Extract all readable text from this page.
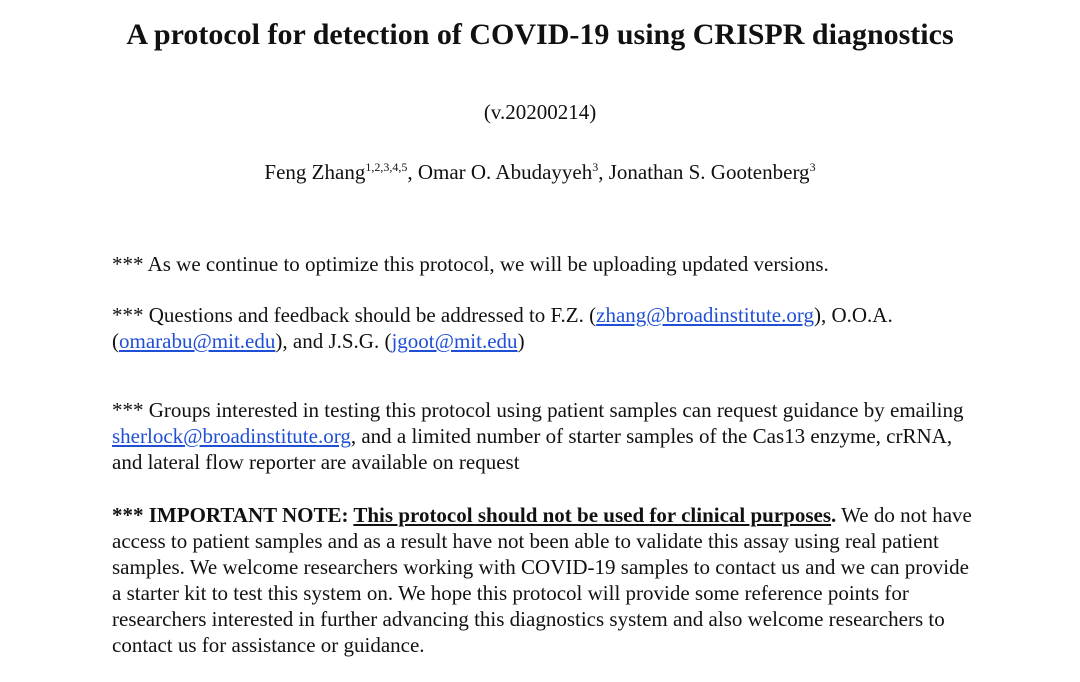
A protocol for detection of COVID-19 using CRISPR diagnostics
(v.20200214)
Feng Zhang$^{1,2,3,4,5}$, Omar O. Abudayyeh$^3$, Jonathan S. Gootenberg$^3$

*** As we continue to optimize this protocol, we will be uploading updated versions.

*** Questions and feedback should be addressed to F.Z. (zhang@broadinstitute.org), O.O.A. (omarabu@mit.edu), and J.S.G. (jgoot@mit.edu)

*** Groups interested in testing this protocol using patient samples can request guidance by emailing sherlock@broadinstitute.org, and a limited number of starter samples of the Cas13 enzyme, crRNA, and lateral flow reporter are available on request

*** IMPORTANT NOTE: This protocol should not be used for clinical purposes. We do not have access to patient samples and as a result have not been able to validate this assay using real patient samples. We welcome researchers working with COVID-19 samples to contact us and we can provide a starter kit to test this system on. We hope this protocol will provide some reference points for researchers interested in further advancing this diagnostics system and also welcome researchers to contact us for assistance or guidance.
